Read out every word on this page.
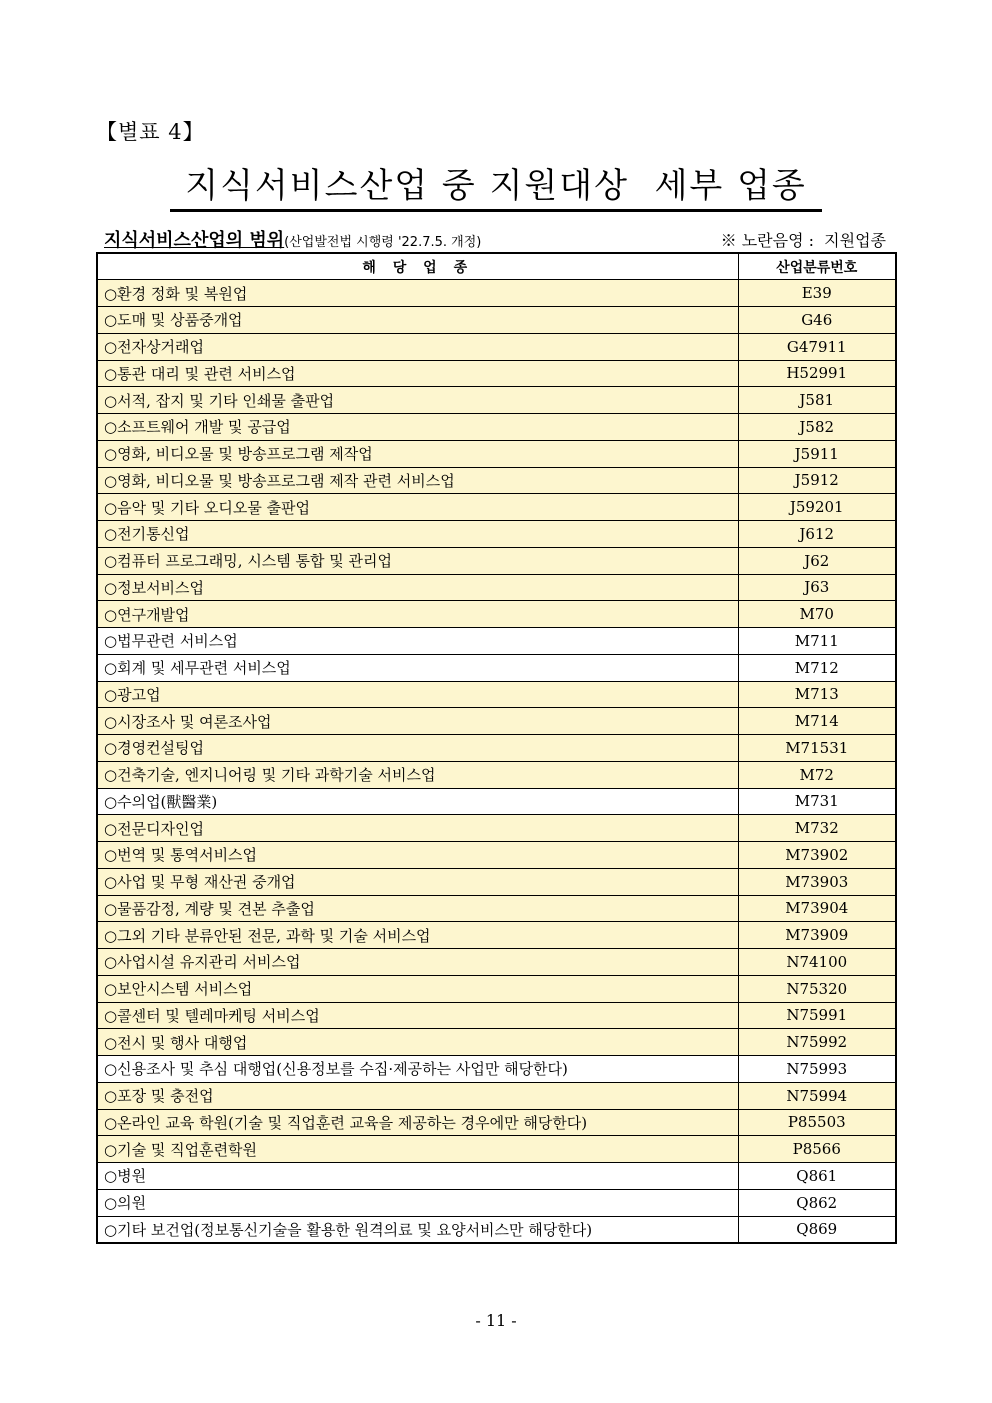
【별표 4】
지식서비스산업 중 지원대상  세부 업종
지식서비스산업의 범위(산업발전법 시행령 '22.7.5. 개정)	※ 노란음영 :  지원업종
해 당 업 종	산업분류번호
○환경 정화 및 복원업	E39
○도매 및 상품중개업	G46
○전자상거래업	G47911
○통관 대리 및 관련 서비스업	H52991
○서적, 잡지 및 기타 인쇄물 출판업	J581
○소프트웨어 개발 및 공급업	J582
○영화, 비디오물 및 방송프로그램 제작업	J5911
○영화, 비디오물 및 방송프로그램 제작 관련 서비스업	J5912
○음악 및 기타 오디오물 출판업	J59201
○전기통신업	J612
○컴퓨터 프로그래밍, 시스템 통합 및 관리업	J62
○정보서비스업	J63
○연구개발업	M70
○법무관련 서비스업	M711
○회계 및 세무관련 서비스업	M712
○광고업	M713
○시장조사 및 여론조사업	M714
○경영컨설팅업	M71531
○건축기술, 엔지니어링 및 기타 과학기술 서비스업	M72
○수의업(獸醫業)	M731
○전문디자인업	M732
○번역 및 통역서비스업	M73902
○사업 및 무형 재산권 중개업	M73903
○물품감정, 계량 및 견본 추출업	M73904
○그외 기타 분류안된 전문, 과학 및 기술 서비스업	M73909
○사업시설 유지관리 서비스업	N74100
○보안시스템 서비스업	N75320
○콜센터 및 텔레마케팅 서비스업	N75991
○전시 및 행사 대행업	N75992
○신용조사 및 추심 대행업(신용정보를 수집·제공하는 사업만 해당한다)	N75993
○포장 및 충전업	N75994
○온라인 교육 학원(기술 및 직업훈련 교육을 제공하는 경우에만 해당한다)	P85503
○기술 및 직업훈련학원	P8566
○병원	Q861
○의원	Q862
○기타 보건업(정보통신기술을 활용한 원격의료 및 요양서비스만 해당한다)	Q869
- 11 -
